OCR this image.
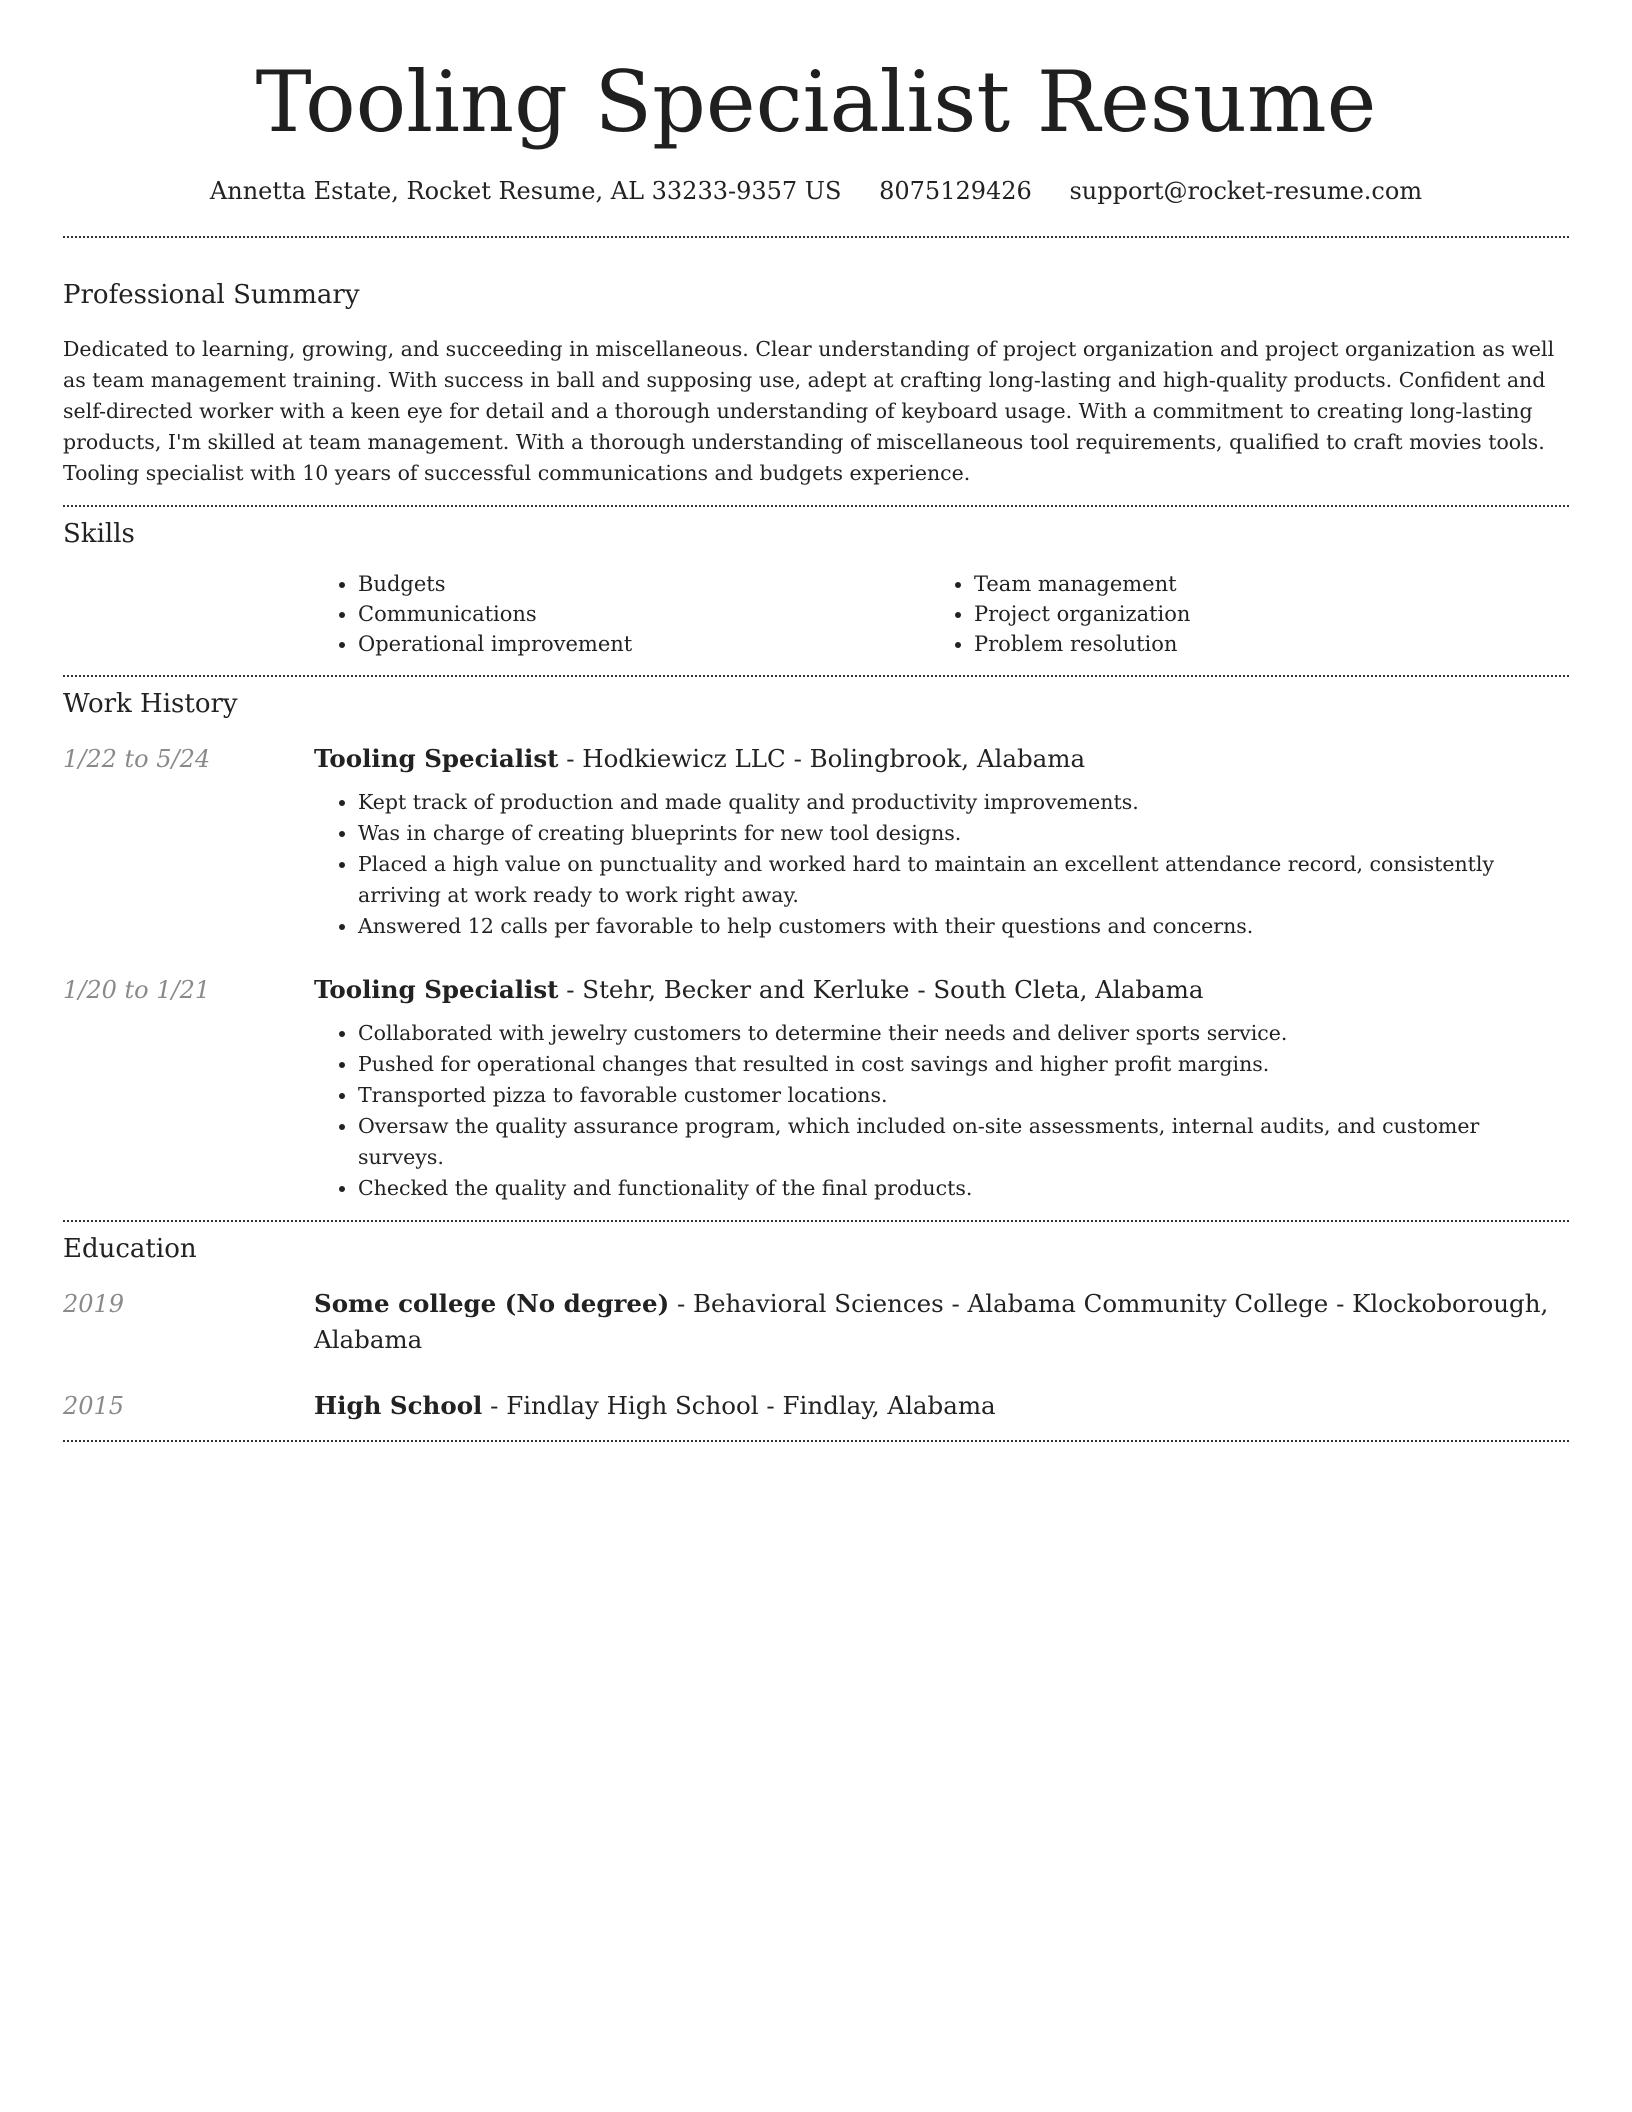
Tooling Specialist Resume
Annetta Estate, Rocket Resume, AL 33233-9357 US 8075129426 support@rocket-resume.com
Professional Summary

Dedicated to learning, growing, and succeeding in miscellaneous. Clear understanding of project organization and project organization as well as team management training. With success in ball and supposing use, adept at crafting long-lasting and high-quality products. Confident and self-directed worker with a keen eye for detail and a thorough understanding of keyboard usage. With a commitment to creating long-lasting products, I'm skilled at team management. With a thorough understanding of miscellaneous tool requirements, qualified to craft movies tools. Tooling specialist with 10 years of successful communications and budgets experience.

Skills
• Budgets
• Communications
• Operational improvement
• Team management
• Project organization
• Problem resolution
Work History
1/22 to 5/24	Tooling Specialist - Hodkiewicz LLC - Bolingbrook, Alabama
• Kept track of production and made quality and productivity improvements.
• Was in charge of creating blueprints for new tool designs.
• Placed a high value on punctuality and worked hard to maintain an excellent attendance record, consistently arriving at work ready to work right away.
• Answered 12 calls per favorable to help customers with their questions and concerns.
1/20 to 1/21	Tooling Specialist - Stehr, Becker and Kerluke - South Cleta, Alabama
• Collaborated with jewelry customers to determine their needs and deliver sports service.
• Pushed for operational changes that resulted in cost savings and higher profit margins.
• Transported pizza to favorable customer locations.
• Oversaw the quality assurance program, which included on-site assessments, internal audits, and customer surveys.
• Checked the quality and functionality of the final products.
Education
2019	Some college (No degree) - Behavioral Sciences - Alabama Community College - Klockoborough, Alabama
2015	High School - Findlay High School - Findlay, Alabama
